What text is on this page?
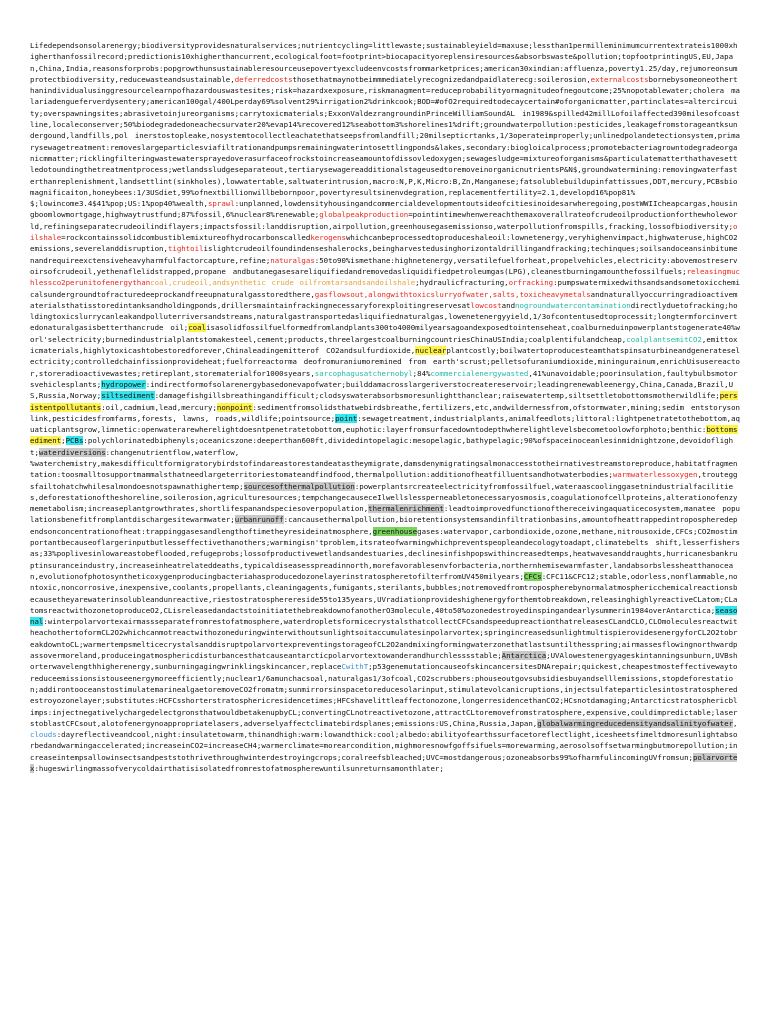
Lifedependsonsolarenergy;biodiversityprovidesnaturalservices;nutrientcycling=littlewaste;sustainableyield=maxuse;lessthan1permilleminimumcurrentextrateis1000xhigherthanfossilrecord;predictionis10xhigherthancurrent,ecologicalfoot=footprint>biocapacityoreplensiresources&absorbswaste&pollution;topfootprintingUS,EU,Japan,China,India,reasonsforprobs:popgrowthunsustainableresourceusepovertyexcludeenvcostsfrommarketprices;american30xindian:affluenza,poverty1.25/day,rejumoreonsumprotectbiodiversity,reducewasteandsustainable,deferredcoststhosethatmaynotbeimmmediatelyrecognizedandpaidlaterecg:soilerosion,externalcostsbornebysomeoneotherthanindividualusinggresourcelearnpofhazardouswastesites;risk=hazardxexposure,riskmanagment=reduceprobabilityormagnitudeofnegoutcome;25%nopotablewater;cholera malariadengueferverdysentery;american100gal/400Lperday69%solvent29%irrigation2%drinkcook;BOD=#ofO2requiredtodecaycertain#oforganicmatter,partinclates=altercircuity;overspawningsites;abrasivetoinjureorganisms;carrytoxicmaterials;ExxonValdezrangroundinPrinceWilliamSoundAL in1989&spilled42millLofoilaffected390milesofcoastline,localeconserver;50%biodegradedoneachecsurvater20%evap14%recovered12%seabottom3%shorelines1%drift;groundwaterpollution:pesticides,leakagefromstorageantksundergound,landfills,pol inerstostopleake,nosystemtocollectleachatethatseepsfromlandfill;20milsepticrtanks,1/3operateimproperly;unlinedpolandetectionsystem,primarysewagetreatment:removeslargeparticlesviafiltrationandpumpsremainingwaterintosettlingponds&lakes,secondary:biogloicalprocess;promotebacteriagrowntodegradeorganicmmatter;ricklingfilteringwastewatersprayedoverasurfaceofrockstoincreaseamountofdissovledoxygen;sewagesludge=mixtureoforganisms&particulatematterthathavesettledotoundingthetreatmentprocess;wetlandssludgeseparateout,tertiarysewagereadditionalstageusedtoremoveinorganicnutrientsP&N$,groundwatermining:removingwaterfasterthanreplenishment,landsettlint(sinkholes),lowwatertable,saltwaterintrusion,macro:N,P,K,Micro:B,Zn,Manganese;fatsolublebuildupinfattissues,DDT,mercury,PCBsbiomagnificaiton,honeybees:1/3USdiet,99%ofnextbillionwillbebornpoor,povertyresultsinenvdegration,replacementfertility=2.1,developd16%pop81%
$;lowincome3.4$41%pop;US:1%pop40%wealth,sprawl:unplanned,lowdensityhousingandcommercialdevelopmentoutsideofcitiesinoidesarwheregoing,postWWIIcheapcargas,housingboomlowmortgage,highwaytrustfund;87%fossil,6%nuclear8%renewable;globalpeakproduction=pointintimewhenwereachthemaxoverallrateofcrudeoilproductionforthewholeworld,refiningseparatecrudeoilindiflayers;impactsfossil:landdisruption,airpollution,greenhousegasemissionso,waterpollutionfromspills,fracking,lossofbiodiversity;oilshale=rockcontainssolidcombustiblemixtureofhydrocarbonscalledkerogenswhichcanbeprocessedtoproduceshaleoil:lownetenergy,veryhighenvimpact,highwateruse,highCO2emissions,severelanddisruption,tightoilislightcrudeoilfoundindenseshalerocks,beingharvestedusinghorizontaldrillingandfracking;techinques;soilsandoceansinbitumenandrequireexctensiveheavyharmfulfactorcapture,refine;naturalgas:50to90%ismethane:highnetenergy,versatilefuelforheat,propelvehicles,electricity:abovemostreservoirsofcrudeoil,yethenaflelidstrapped,propane andbutanegasesareliquifiedandremovedasliquidifiedpetroleumgas(LPG),cleanestburningamounthefossilfuels;releasingmuchlessco2perunitofenergythancoal,crudeoil,andsynthetic crude oilfromtarsandsandoilshale;hydraulicfracturing,orfracking:pumpswatermixedwithsandsandsometoxicchemicalsundergroundtofracturedeeprockandfreeupnaturalgasstoredthere,gasflowsout,alongwithtoxicslurryofwater,salts,toxicheavymetalsandnaturallyoccurringradioactivematerialsthatisstoredintanksandholdingponds,drillersmaintainfrackingnecessaryforexploitingreservesatlowcostandnogroundwatercontaminationdirectlyduetofracking;holdingtoxicslurrycanleakandpolluterriversandstreams,naturalgastransportedasliquifiednaturalgas,lowenetenergyyield,1/3ofcontentusedtoprocessit;longtermforcinvertedonaturalgasisbetterthancrude oil;coalisasolidfossilfuelformedfromlandplants300to4000milyearsagoandexposedtointenseheat,coalburneduinpowerplantstogenerate40%worl'selectricity;burnedindustrialplantstomakesteel,cement;products,threelargestcoalburningcountriesChinaUSIndia;coalplentifulandcheap,coalplantsemitCO2,emittoxicmaterials,highlytoxicashtobestoredforever,Chinaleadingemitterof CO2andsulfurdioxide,nuclearplantcostly;boilwatertoproducesteamthatspinsaturbineandgenerateselectricity;controlledchainfissionprovideheat;fuelforreactorma deofromuraniumoremined from earth'scrust;pelletsofuraniumdioxide,miningurainum,enrichUisusereactor,storeradioactivewastes;retireplant,storematerialfor1000syears,sarcophagusatchernobyl;84%commercialenergywasted,41%unavoidable;poorinsulation,faultybulbsmotorsvehiclesplants;hydropower:indirectformofsolarenergybasedonevapofwater;builddamacrosslargeriverstocreatereservoir;leadingrenewableenergy,China,Canada,Brazil,US,Russia,Norway;siltsediment:damagefishgillsbreathingandifficult;clodsyswaterabsorbsmoresunlightthanclear;raisewatertemp,siltsettletobottomsmotherwildlife;persistentpollutants:oil,cadmium,lead,mercury;nonpoint:sedimentfromsolidsthatwebirdsbreathe,fertilizers,etc,andwildernessfrom,ofstormwater,mining;sedim entstorysonlink,pesticidesfromfarms,forests, lawns, roads,wildlife;pointsource;point:sewagetreatment,industrialplants,animalfeedlots;littoral:lightpenetratetothebottom,aquaticplantsgrow,limnetic:openwaterarewherelightdoesntpenetratetobottom,euphotic:layerfromsurfacedowntodepthwherelightlevelsbecometoolowforphoto;benthic:bottomsediment;PCBs:polychlorinatedbiphenyls;oceanicszone:deeperthan600ft,dividedintopelagic:mesopelagic,bathypelagic;90%ofspaceinoceanlesinmidnightzone,devoidoflight;waterdiversions:changenutrientflow,waterflow,
%waterchemistry,makesdifficultformigratorybirdstofindareastorestandeatastheymigrate,damsdenymigratingsalmonaccesstotheirnativestreamstoreproduce,habitatfragmentation:toosmalltosupportmammalsthatneedlargeterritoriestomateandfindfood,thermalpollution:additionofheatfilluentsandhotwaterbodies;warmwaterlessoxygen,troutegg sfailtohatchwhilesalmondoesnotspawnathighertemp;sourcesofthermalpollution:powerplantsrcreateelectricityfromfossilfuel,wateraascoolinggasetnindustrialfacilities,deforestationoftheshoreline,soilerosion,agriculturesources;tempchangecauseceIlwellslessperneabletonecessaryosmosis,coagulationofcellproteins,alterationofenzymemetabolism;increaseplantgrowthrates,shortlifespanandspeciesoverpopulation,thermalenrichment:leadtoimprovedfunctionofthereceivingaquaticecosystem,manatee populationsbenefitfromplantdischargesitewarmwater;urbanrunoff:cancausethermalpollution,bioretentionsystemsandinfiltrationbasins,amountofheattrappedintropospheredependsonconcentrationofheat:trappinggasesandlengthoftimetheyresideinatmosphere,greenhousegases:watervapor,carbondioxide,ozone,methane,nitrousoxide,CFCs;CO2mostimportantbecauseoflargerinputbutlesseffectivethanothers;warmingisn'tproblem,itsrateofwarmingwhichpreventspeopleandecologytoadapt,climatebelts shift,lesserfishersas;33%poplivesinlowareastobeflooded,refugeprobs;lossofproductivewetlandsandestuaries,declinesinfishpopswithincreasedtemps,heatwavesanddraughts,hurricanesbankruptinsuranceindustry,increaseinheatrelateddeaths,typicaldiseasesspreadinnorth,morefavorablesenvforbacteria,northernhemisewarmfaster,landabsorbslessheatthanocean,evolutionofphotosyntheticoxygenproducingbacteriahasproducedozonelayerinstratospheretofilterfromUV450milyears;CFCs:CFC11&CFC12;stable,odorless,nonflammable,nontoxic,noncorrosive,inexpensive,coolants,propellants,cleaningagents,fumigants,sterilants,bubbles;notremovedfromtropospherebynormalatmosphericchemicalreactionsbecausetheyarewaterinsolubleandunreactive,riestostratospherereside55to135years,UVradiationprovideshighenergyforthemtobreakdown,releasinghighlyreactiveCLatom;CLatomsreactwithozonetoproduceO2,CLisreleasedandactstoinitiatethebreakdownofanotherO3molecule,40to50%ozonedestroyedinspingandearlysummerin1984overAntarctica;seasonal:winterpolarvortexairmassseparatefromrestofatmosphere,waterdropletsformicecrystalsthatcollectCFCsandspeedupreactionthatreleasesCLandCLO,CLOmoleculesreactwitheachothertoformCL2O2whichcanmotreactwithozoneduringwinterwithoutsunlightsoitaccumulatesinpolarvortex;springincreasedsunlightmultispierovidesenergyforCL2O2tobreakdowntoCL;warmertempsmelticecrystalsanddisruptpolarvortexpreventingstorageofCL2O2andmixingformingwaterzonethatlastsuntilthesspring;airmassesflowingnorthwardpassovermoreland,produceingatmosphericdisturbancesthatcauseantarcticpolarvortextowanderandhurchlesssstable;Antarctica;UVAlowestenergyageskintanningsunburn,UVBshorterwavelengthhigherenergy,sunburningagingwrinklingskincancer,replaceCwithT;p53genemutationcauseofskincancersitesDNArepair;quickest,cheapestmosteffectivewaytoreduceemissionsistouseenergymoreefficiently;nuclear1/6amunchacsoal,naturalgas1/3ofcoal,CO2scrubbers:phouseoutgovsubsidiesbuyandselllemissions,stopdeforestation;addirontooceanstostimulatemarinealgaetoremoveCO2fromatm;sunmirrorsinspacetoreducesolarinput,stimulatevolcanicruptions,injectsulfateparticlesintostratospheredestroyozonelayer;substitutes:HCFCsshorterstratosphericresidencetimes;HFCshavelittleaffectonozone,longerresidencethanCO2;HCsnotdamaging;Antarcticstratosphericblimps:injectnegativelychargedelectgronsthatwouldbetakenupbyCL;convertingCLnotreactivetozone,attractCLtoremovefromstratosphere,expensive,couldimpredictable;laserstoblastCFCsout,alotofenergynoappropriatelasers,adverselyaffectclimatebirdsplanes;emissions:US,China,Russia,Japan,globalwarmingreducedensityandsalinityofwater,clouds:dayreflectiveandcool,night:insulatetowarm,thinandhigh:warm:lowandthick:cool;albedo:abilityofearthssurfacetoreflectlight,icesheetsfimeltdmoresunlightabsorbedandwarmingaccelerated;increaseinCO2=increaseCH4;warmerclimate=morearcondition,mighmoresnowfgoffsifuels=morewarming,aerosolsoffsetwarmingbutmorepollution;increaseintempsallowinsectsandpeststothrivethroughwinterdestroyingcrops;coralreefsbleached;UVC=mostdangerous;ozoneabsorbs99%ofharmfulincomingUVfromsun;polarvortex:hugeswirlingmassofverycoldairthatisisolatedfromrestofatmospherewuntilsunreturnsamonthlater;
